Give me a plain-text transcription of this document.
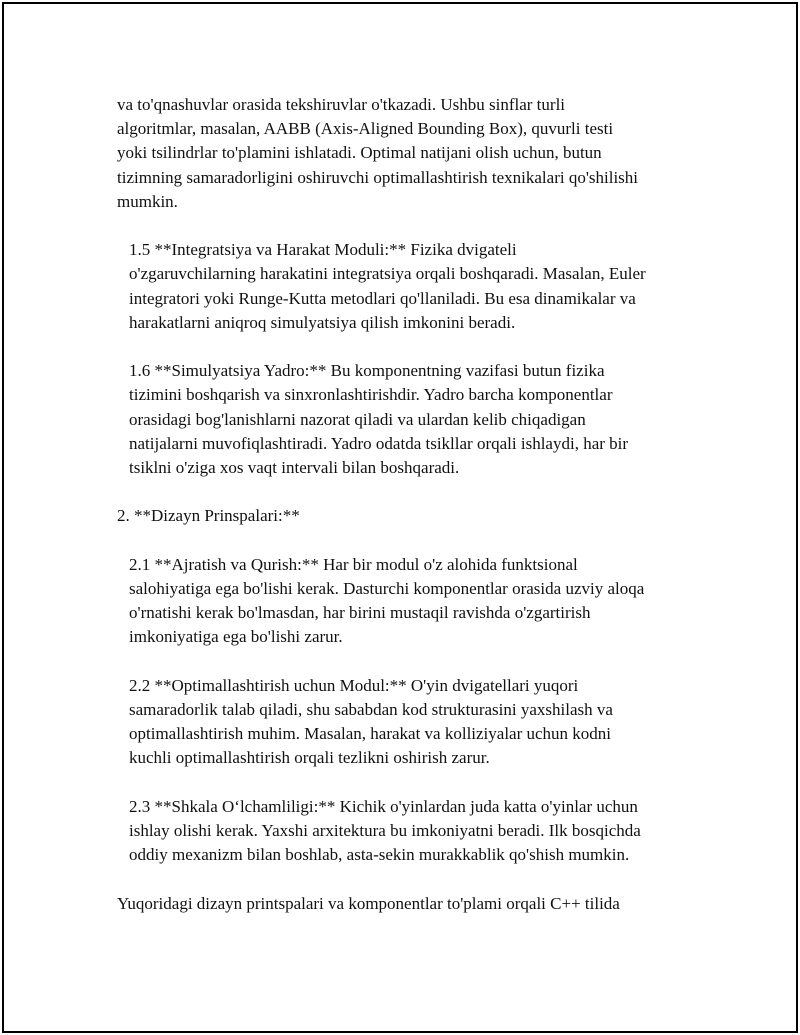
va to'qnashuvlar orasida tekshiruvlar o'tkazadi. Ushbu sinflar turli
algoritmlar, masalan, AABB (Axis-Aligned Bounding Box), quvurli testi
yoki tsilindrlar to'plamini ishlatadi. Optimal natijani olish uchun, butun
tizimning samaradorligini oshiruvchi optimallashtirish texnikalari qo'shilishi
mumkin.
1.5 **Integratsiya va Harakat Moduli:** Fizika dvigateli
o'zgaruvchilarning harakatini integratsiya orqali boshqaradi. Masalan, Euler
integratori yoki Runge-Kutta metodlari qo'llaniladi. Bu esa dinamikalar va
harakatlarni aniqroq simulyatsiya qilish imkonini beradi.
1.6 **Simulyatsiya Yadro:** Bu komponentning vazifasi butun fizika
tizimini boshqarish va sinxronlashtirishdir. Yadro barcha komponentlar
orasidagi bog'lanishlarni nazorat qiladi va ulardan kelib chiqadigan
natijalarni muvofiqlashtiradi. Yadro odatda tsikllar orqali ishlaydi, har bir
tsiklni o'ziga xos vaqt intervali bilan boshqaradi.
2. **Dizayn Prinspalari:**
2.1 **Ajratish va Qurish:** Har bir modul o'z alohida funktsional
salohiyatiga ega bo'lishi kerak. Dasturchi komponentlar orasida uzviy aloqa
o'rnatishi kerak bo'lmasdan, har birini mustaqil ravishda o'zgartirish
imkoniyatiga ega bo'lishi zarur.
2.2 **Optimallashtirish uchun Modul:** O'yin dvigatellari yuqori
samaradorlik talab qiladi, shu sababdan kod strukturasini yaxshilash va
optimallashtirish muhim. Masalan, harakat va kolliziyalar uchun kodni
kuchli optimallashtirish orqali tezlikni oshirish zarur.
2.3 **Shkala O‘lchamliligi:** Kichik o'yinlardan juda katta o'yinlar uchun
ishlay olishi kerak. Yaxshi arxitektura bu imkoniyatni beradi. Ilk bosqichda
oddiy mexanizm bilan boshlab, asta-sekin murakkablik qo'shish mumkin.
Yuqoridagi dizayn printspalari va komponentlar to'plami orqali C++ tilida
